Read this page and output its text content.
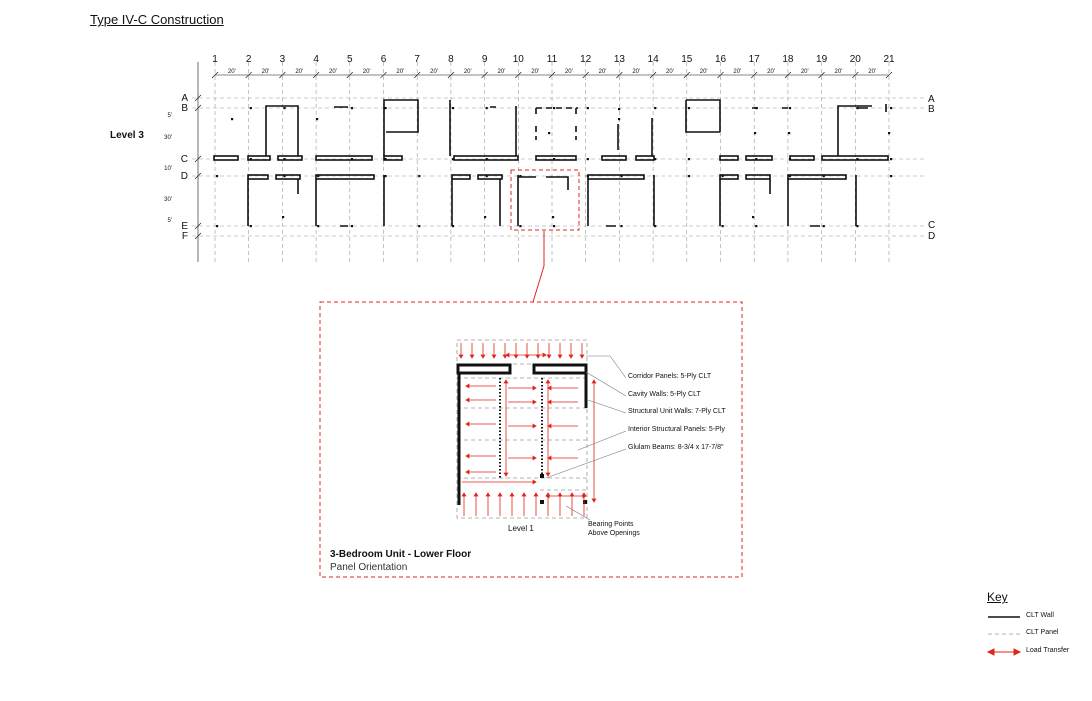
Type IV-C Construction
Level 3
1	2	3	4	5	6	7	8	9	10 11 12 13 14 15 16 17 18 19 20 21
20'	20'	20'	20'	20'	20'	20'	20'	20'	20'	20'	20'	20'	20'	20'	20'	20'	20'	20'	20'
A
B
C
D
E
F
A
B
C
D
5'
30'
10'
30'
5'
Corridor Panels: 5-Ply CLT
Cavity Walls: 5-Ply CLT
Structural Unit Walls: 7-Ply CLT
Interior Structural Panels: 5-Ply
Glulam Beams: 8-3/4 x 17-7/8"
Level 1	Bearing Points
Above Openings
3-Bedroom Unit - Lower Floor
Panel Orientation
Key
CLT Wall
CLT Panel
Load Transfer
